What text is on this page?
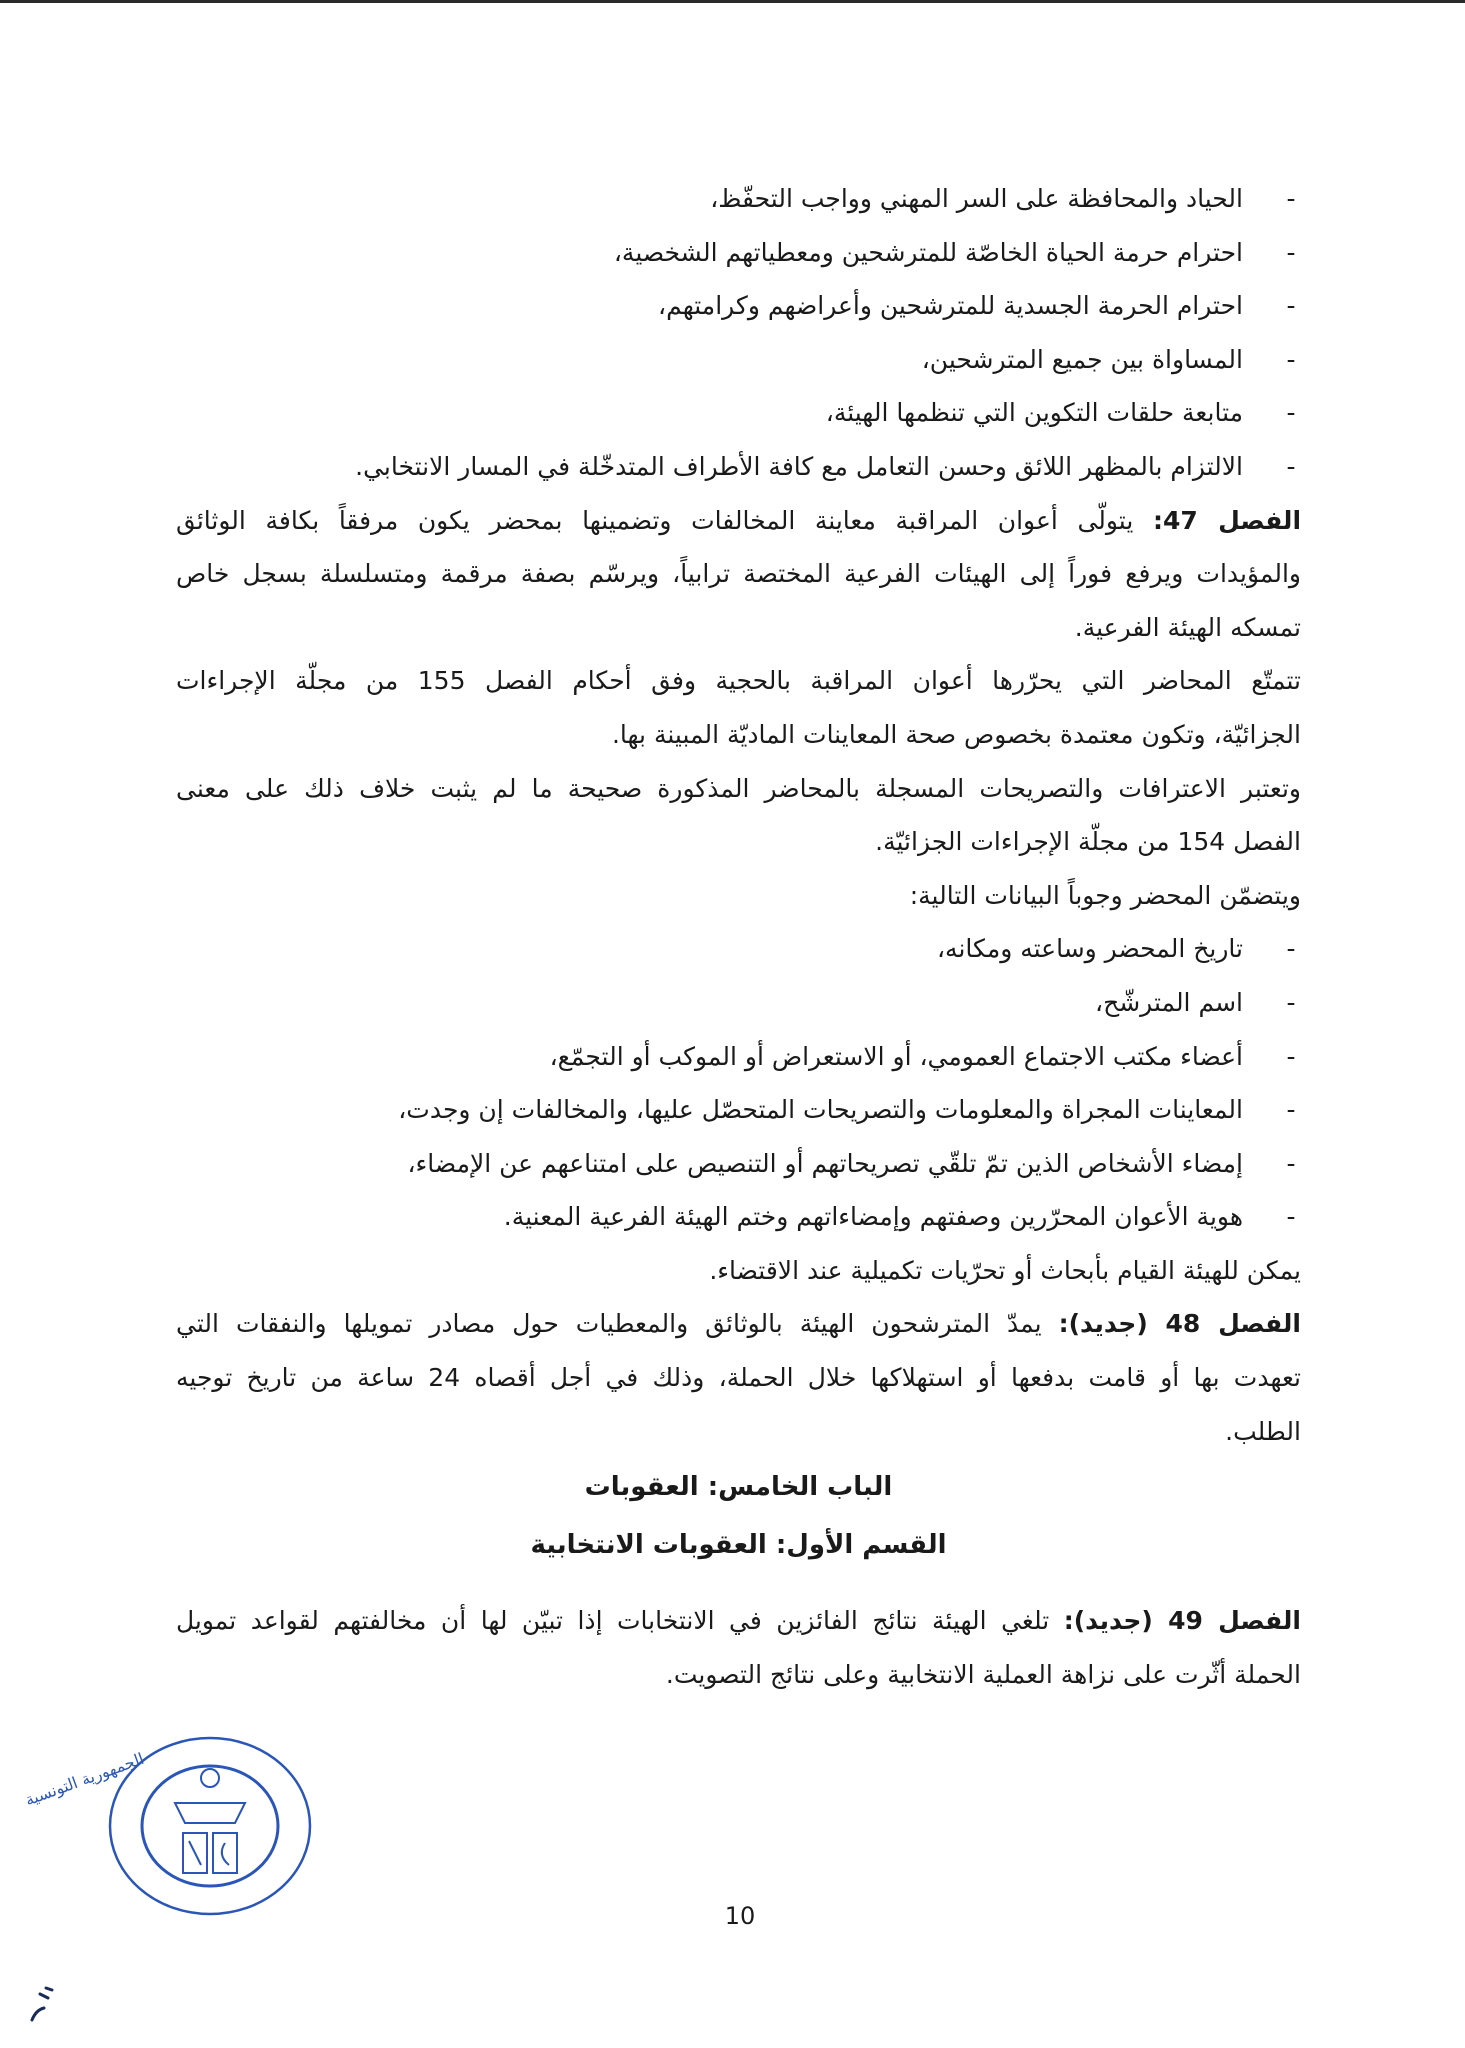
-
الحياد والمحافظة على السر المهني وواجب التحفّظ،
-
احترام حرمة الحياة الخاصّة للمترشحين ومعطياتهم الشخصية،
-
احترام الحرمة الجسدية للمترشحين وأعراضهم وكرامتهم،
-
المساواة بين جميع المترشحين،
-
متابعة حلقات التكوين التي تنظمها الهيئة،
-
الالتزام بالمظهر اللائق وحسن التعامل مع كافة الأطراف المتدخّلة في المسار الانتخابي.
الفصل 47: يتولّى أعوان المراقبة معاينة المخالفات وتضمينها بمحضر يكون مرفقاً بكافة الوثائق
والمؤيدات ويرفع فوراً إلى الهيئات الفرعية المختصة ترابياً، ويرسّم بصفة مرقمة ومتسلسلة بسجل خاص
تمسكه الهيئة الفرعية.
تتمتّع المحاضر التي يحرّرها أعوان المراقبة بالحجية وفق أحكام الفصل 155 من مجلّة الإجراءات
الجزائيّة، وتكون معتمدة بخصوص صحة المعاينات الماديّة المبينة بها.
وتعتبر الاعترافات والتصريحات المسجلة بالمحاضر المذكورة صحيحة ما لم يثبت خلاف ذلك على معنى
الفصل 154 من مجلّة الإجراءات الجزائيّة.
ويتضمّن المحضر وجوباً البيانات التالية:
-
تاريخ المحضر وساعته ومكانه،
-
اسم المترشّح،
-
أعضاء مكتب الاجتماع العمومي، أو الاستعراض أو الموكب أو التجمّع،
-
المعاينات المجراة والمعلومات والتصريحات المتحصّل عليها، والمخالفات إن وجدت،
-
إمضاء الأشخاص الذين تمّ تلقّي تصريحاتهم أو التنصيص على امتناعهم عن الإمضاء،
-
هوية الأعوان المحرّرين وصفتهم وإمضاءاتهم وختم الهيئة الفرعية المعنية.
يمكن للهيئة القيام بأبحاث أو تحرّيات تكميلية عند الاقتضاء.
الفصل 48 (جديد): يمدّ المترشحون الهيئة بالوثائق والمعطيات حول مصادر تمويلها والنفقات التي
تعهدت بها أو قامت بدفعها أو استهلاكها خلال الحملة، وذلك في أجل أقصاه 24 ساعة من تاريخ توجيه
الطلب.
الباب الخامس: العقوبات
القسم الأول: العقوبات الانتخابية
الفصل 49 (جديد): تلغي الهيئة نتائج الفائزين في الانتخابات إذا تبيّن لها أن مخالفتهم لقواعد تمويل
الحملة أثّرت على نزاهة العملية الانتخابية وعلى نتائج التصويت.
الجمهورية التونسية
10
